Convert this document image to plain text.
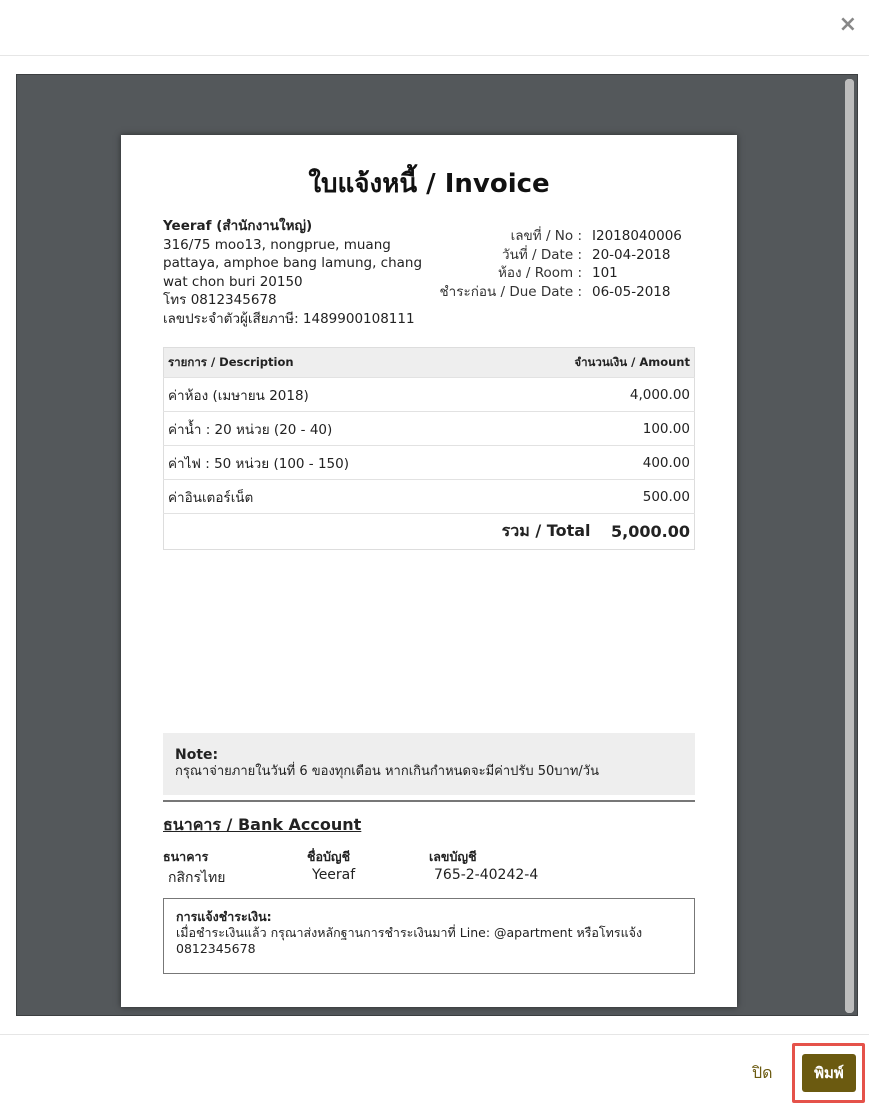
×
ใบแจ้งหนี้ / Invoice
Yeeraf (สำนักงานใหญ่)
316/75 moo13, nongprue, muang
pattaya, amphoe bang lamung, chang
wat chon buri 20150
โทร 0812345678
เลขประจำตัวผู้เสียภาษี: 1489900108111
เลขที่ / No : I2018040006
วันที่ / Date : 20-04-2018
ห้อง / Room : 101
ชำระก่อน / Due Date : 06-05-2018
รายการ / Description	จำนวนเงิน / Amount	
ค่าห้อง (เมษายน 2018)	4,000.00	
ค่าน้ำ : 20 หน่วย (20 - 40)	100.00	
ค่าไฟ : 50 หน่วย (100 - 150)	400.00	
ค่าอินเตอร์เน็ต	500.00	
	รวม / Total	5,000.00
Note:
กรุณาจ่ายภายในวันที่ 6 ของทุกเดือน หากเกินกำหนดจะมีค่าปรับ 50บาท/วัน
ธนาคาร / Bank Account
ธนาคาร	ชื่อบัญชี	เลขบัญชี
กสิกรไทย	Yeeraf	765-2-40242-4
การแจ้งชำระเงิน:
เมื่อชำระเงินแล้ว กรุณาส่งหลักฐานการชำระเงินมาที่ Line: @apartment หรือโทรแจ้ง
0812345678
ปิด	พิมพ์
